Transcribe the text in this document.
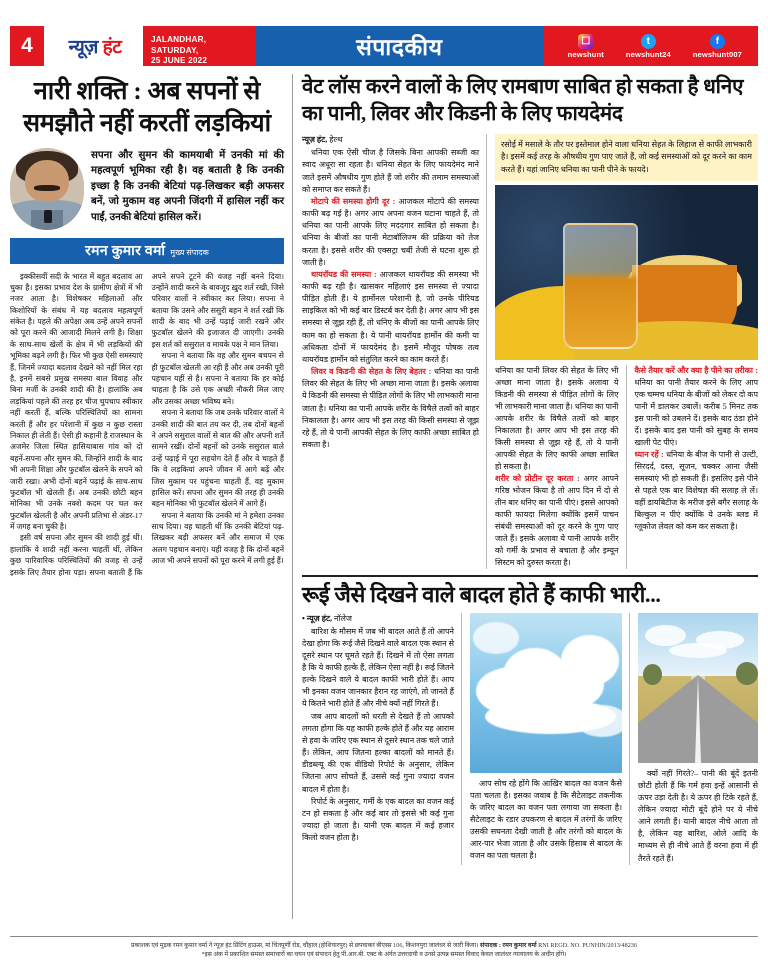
4	न्यूज़ हंट	JALANDHAR, SATURDAY,
25 JUNE 2022
संपादकीय	☐
newshunt
t
newshunt24
f
newshunt007
नारी शक्ति : अब सपनों से समझौते नहीं करतीं लड़कियां
सपना और सुमन की कामयाबी में उनकी मां की महत्वपूर्ण भूमिका रही है। वह बताती है कि उनकी इच्छा है कि उनकी बेटियां पढ़-लिखकर बड़ी अफसर बनें, जो मुकाम वह अपनी जिंदगी में हासिल नहीं कर पाईं, उनकी बेटियां हासिल करें।
रमन कुमार वर्मा मुख्य संपादक

इक्कीसवीं सदी के भारत में बहुत बदलाव आ चुका है। इसका प्रभाव देश के ग्रामीण क्षेत्रों में भी नजर आता है। विशेषकर महिलाओं और किशोरियों के संबंध में यह बदलाव महत्वपूर्ण संकेत है। पहले की अपेक्षा अब उन्हें अपने सपनों को पूरा करने की आजादी मिलने लगी है। शिक्षा के साथ-साथ खेलों के क्षेत्र में भी लड़कियों की भूमिका बढ़ने लगी है। फिर भी कुछ ऐसी समस्याएं हैं, जिनमें ज्यादा बदलाव देखने को नहीं मिल रहा है, इनमें सबसे प्रमुख समस्या बाल विवाह और बिना मर्जी के उनकी शादी की है। हालांकि अब लड़कियां पहले की तरह हर चीज चुपचाप स्वीकार नहीं करतीं हैं, बल्कि परिस्थितियों का सामना करती हैं और हर परेशानी में कुछ न कुछ रास्ता निकाल ही लेती हैं। ऐसी ही कहानी है राजस्थान के अजमेर जिला स्थित हासियाबास गांव को दो बहनें-सपना और सुमन की, जिन्होंने शादी के बाद भी अपनी शिक्षा और फुटबॉल खेलने के सपने को जारी रखा। अभी दोनों बहनें पढ़ाई के साथ-साथ फुटबॉल भी खेलती हैं। अब उनकी छोटी बहन मोनिका भी उनके नक्शे कदम पर चल कर फुटबॉल खेलती है और अपनी प्रतिभा से अंडर-17 में जगह बना चुकी है।

इसी वर्ष सपना और सुमन की शादी हुई थी। हालांकि वे शादी नहीं करना चाहतीं थीं, लेकिन कुछ पारिवारिक परिस्थितियों की वजह से उन्हें इसके लिए तैयार होना पड़ा। सपना बताती हैं कि अपने सपने टूटने की वजह नहीं बनने दिया। उन्होंने शादी करने के बावजूद ख़ुद शर्त रखी, जिसे परिवार वालों ने स्वीकार कर लिया। सपना ने बताया कि उसने और ससुरी बहन ने शर्त रखी कि शादी के बाद भी उन्हें पढ़ाई जारी रखने और फुटबॉल खेलने की इजाजत दी जाएगी। उनकी इस शर्त को ससुराल व मायके पक्ष ने मान लिया।

सपना ने बताया कि वह और सुमन बचपन से ही फुटबॉल खेलती आ रही हैं और अब उनकी पूरी पहचान यहीं से है। सपना ने बताया कि हर कोई चाहता है कि उसे एक अच्छी नौकरी मिल जाए और उसका अच्छा भविष्य बने।

सपना ने बताया कि जब उनके परिवार वालों ने उनकी शादी की बात तय कर दी, तब दोनों बहनों ने अपने ससुराल वालों से बात की और अपनी शर्तें सामने रखीं। दोनों बहनों को उनके ससुराल वाले उन्हें पढ़ाई में पूरा सहयोग देते हैं और वे चाहते हैं कि वे लड़कियां अपने जीवन में आगे बढ़ें और जिस मुकाम पर पहुंचना चाहती हैं, वह मुकाम हासिल करें। सपना और सुमन की तरह ही उनकी बहन मोनिका भी फुटबॉल खेलने में आगे हैं।

सपना ने बताया कि उनकी मां ने हमेशा उनका साथ दिया। वह चाहती थीं कि उनकी बेटियां पढ़-लिखकर बड़ी अफसर बनें और समाज में एक अलग पहचान बनाएं। यही वजह है कि दोनों बहनें आज भी अपने सपनों को पूरा करने में लगी हुई हैं।

वेट लॉस करने वालों के लिए रामबाण साबित हो सकता है धनिए का पानी, लिवर और किडनी के लिए फायदेमंद
न्यूज़ हंट, हेल्थ

धनिया एक ऐसी चीज है जिसके बिना आपकी सब्जी का स्वाद अधूरा सा रहता है। धनिया सेहत के लिए फायदेमंद माने जाते इसमें औषधीय गुण होते हैं जो शरीर की तमाम समस्याओं को समाप्त कर सकते हैं।

मोटापे की समस्या होगी दूर : आजकल मोटापे की समस्या काफी बढ़ गई है। अगर आप अपना वजन घटाना चाहते हैं, तो धनिया का पानी आपके लिए मददगार साबित हो सकता है। धनिया के बीजों का पानी मेटाबॉलिज्म की प्रक्रिया को तेज करता है। इससे शरीर की एक्सट्रा चर्बी तेजी से घटना शुरू हो जाती है।

थायरॉयड की समस्या : आजकल थायरॉयड की समस्या भी काफी बढ़ रही है। खासकर महिलाएं इस समस्या से ज्यादा पीड़ित होती हैं। ये हार्मोनल परेशानी है, जो उनके पीरियड साइकिल को भी कई बार डिस्टर्ब कर देती है। अगर आप भी इस समस्या से जूझ रही हैं, तो धनिए के बीजों का पानी आपके लिए काम का हो सकता है। ये पानी थायरॉयड हार्मोन की कमी या अधिकता दोनों में फायदेमंद है। इसमें मौजूद पोषक तत्व थायरॉयड हार्मोन को संतुलित करने का काम करते हैं।

लिवर व किडनी की सेहत के लिए बेहतर : धनिया का पानी लिवर की सेहत के लिए भी अच्छा माना जाता है। इसके अलावा ये किडनी की समस्या से पीड़ित लोगों के लिए भी लाभकारी माना जाता है। धनिया का पानी आपके शरीर के विषैले तत्वों को बाहर निकालता है। अगर आप भी इस तरह की किसी समस्या से जूझ रहे हैं, तो ये पानी आपकी सेहत के लिए काफी अच्छा साबित हो सकता है।

रसोई में मसाले के तौर पर इस्तेमाल होने वाला धनिया सेहत के लिहाज से काफी लाभकारी है। इसमें कई तरह के औषधीय गुण पाए जाते हैं, जो कई समस्याओं को दूर करने का काम करते हैं। यहां जानिए धनिया का पानी पीने के फायदे।
धनिया का पानी लिवर की सेहत के लिए भी अच्छा माना जाता है। इसके अलावा ये किडनी की समस्या से पीड़ित लोगों के लिए भी लाभकारी माना जाता है। धनिया का पानी आपके शरीर के विषैले तत्वों को बाहर निकालता है। अगर आप भी इस तरह की किसी समस्या से जूझ रहे हैं, तो ये पानी आपकी सेहत के लिए काफी अच्छा साबित हो सकता है।
शरीर को प्रोटीन दूर करता : अगर आपने गरिष्ठ भोजन किया है तो आप दिन में दो से तीन बार धनिए का पानी पीएं। इससे आपको काफी फायदा मिलेगा क्योंकि इसमें पाचन संबंधी समस्याओं को दूर करने के गुण पाए जाते हैं। इसके अलावा ये पानी आपके शरीर को गर्मी के प्रभाव से बचाता है और इम्यून सिस्टम को दुरुस्त करता है।
कैसे तैयार करें और क्या है पीने का तरीका : धनिया का पानी तैयार करने के लिए आप एक चम्मच धनिया के बीजों को लेकर दो कप पानी में डालकर उबालें। करीब 5 मिनट तक इस पानी को उबलने दें। इसके बाद ठंडा होने दें। इसके बाद इस पानी को सुबह के समय खाली पेट पीएं।
ध्यान रहें : धनिया के बीज के पानी से उल्टी, सिरदर्द, दस्त, सूजन, चक्कर आना जैसी समस्याएं भी हो सकती हैं। इसलिए इसे पीने से पहले एक बार विशेषज्ञ की सलाह ले लें। वहीं डायबिटीज के मरीज इसे बगैर सलाह के बिल्कुल न पीएं क्योंकि ये उनके ब्लड में ग्लूकोज लेवल को कम कर सकता है।
रूई जैसे दिखने वाले बादल होते हैं काफी भारी...
• न्यूज़ हंट, नॉलेज

बारिश के मौसम में जब भी बादल आते हैं तो आपने देखा होगा कि रूई जैसे दिखने वाले बादल एक स्थान से दूसरे स्थान पर घूमते रहते हैं। दिखने में तो ऐसा लगता है कि ये काफी हल्के हैं, लेकिन ऐसा नहीं है। रूई जितने हल्के दिखने वाले ये बादल काफी भारी होते हैं। आप भी इनका वजन जानकार हैरान रह जाएंगे, तो जानते हैं ये कितने भारी होते हैं और नीचे क्यों नहीं गिरते हैं।

जब आप बादलों को धरती से देखते हैं तो आपको लगता होगा कि यह काफी हल्के होते हैं और यह आराम से हवा के जरिए एक स्थान से दूसरे स्थान तक चले जाते हैं। लेकिन, आप जितना हल्का बादलों को मानते हैं। डीडब्ल्यू की एक वीडियो रिपोर्ट के अनुसार, लेकिन जितना आप सोचते हैं, उससे कई गुना ज्यादा वजन बादल में होता है।

रिपोर्ट के अनुसार, गर्मी के एक बादल का वजन कई टन हो सकता है और कई बार तो इससे भी कई गुना ज्यादा हो जाता है। यानी एक बादल में कई हजार किलो वजन होता है।

आप सोच रहे होंगे कि आखिर बादल का वजन कैसे पता चलता है। इसका जवाब है कि सैटेलाइट तकनीक के जरिए बादल का वजन पता लगाया जा सकता है। सैटेलाइट के रडार उपकरण से बादल में तरंगों के जरिए उसकी सघनता देखी जाती है और तरंगों को बादल के आर-पार भेजा जाता है और उसके हिसाब से बादल के वजन का पता चलता है।

क्यों नहीं गिरते?– पानी की बूंदें इतनी छोटी होती हैं कि गर्म हवा इन्हें आसानी से ऊपर उड़ा देती है। ये ऊपर ही टिके रहते हैं, लेकिन ज्यादा मोटी बूंदें होने पर ये नीचे आने लगती हैं। यानी बादल नीचे आता तो है, लेकिन यह बारिश, ओले आदि के माध्यम से ही नीचे आते हैं वरना हवा में ही तैरते रहते हैं।

प्रकाशक एवं मुद्रक रमन कुमार वर्मा ने न्यूज़ हंट प्रिंटिंग हाऊस, मां चिंतपूर्णी रोड, चौहाल (होशियारपुर) से छपवाकर बीएस्स 106, किशनपुरा जालंधर से जारी किया। संपादक : रमन कुमार वर्मा RNI REGD. NO. PUNHIN/2013/48236
*इस अंक में प्रकाशित समस्त समाचारों का चयन एवं संपादन हेतु पी.आर.बी. एक्ट के अंर्गत उत्तरदायी व उनसे उत्पन्न समस्त विवाद केवल जालंधर न्यायालय के अधीन होंगे।
